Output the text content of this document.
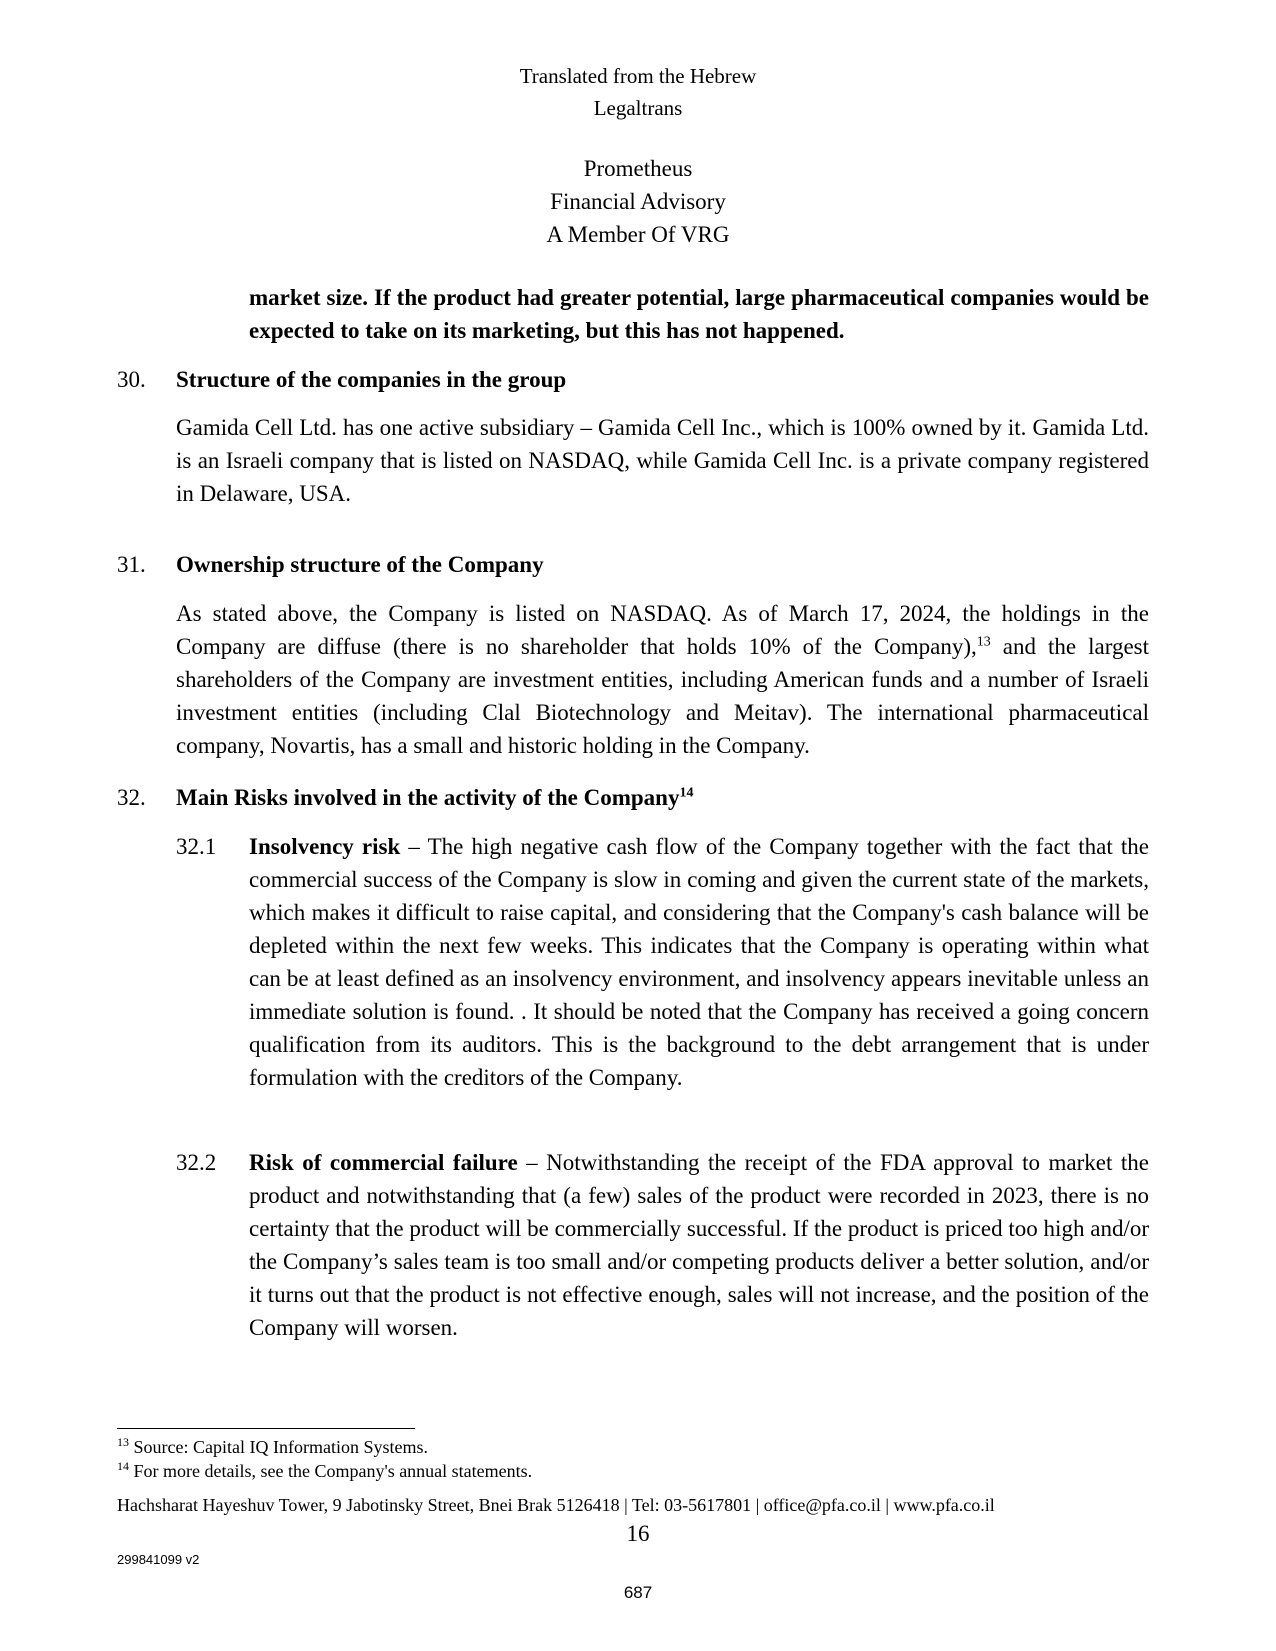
Translated from the Hebrew
Legaltrans
Prometheus
Financial Advisory
A Member Of VRG
market size. If the product had greater potential, large pharmaceutical companies would be expected to take on its marketing, but this has not happened.
30. Structure of the companies in the group
Gamida Cell Ltd. has one active subsidiary – Gamida Cell Inc., which is 100% owned by it. Gamida Ltd. is an Israeli company that is listed on NASDAQ, while Gamida Cell Inc. is a private company registered in Delaware, USA.
31. Ownership structure of the Company
As stated above, the Company is listed on NASDAQ. As of March 17, 2024, the holdings in the Company are diffuse (there is no shareholder that holds 10% of the Company),$^{13}$ and the largest shareholders of the Company are investment entities, including American funds and a number of Israeli investment entities (including Clal Biotechnology and Meitav). The international pharmaceutical company, Novartis, has a small and historic holding in the Company.
32. Main Risks involved in the activity of the Company$^{14}$
32.1 Insolvency risk – The high negative cash flow of the Company together with the fact that the commercial success of the Company is slow in coming and given the current state of the markets, which makes it difficult to raise capital, and considering that the Company's cash balance will be depleted within the next few weeks. This indicates that the Company is operating within what can be at least defined as an insolvency environment, and insolvency appears inevitable unless an immediate solution is found. . It should be noted that the Company has received a going concern qualification from its auditors. This is the background to the debt arrangement that is under formulation with the creditors of the Company.
32.2 Risk of commercial failure – Notwithstanding the receipt of the FDA approval to market the product and notwithstanding that (a few) sales of the product were recorded in 2023, there is no certainty that the product will be commercially successful. If the product is priced too high and/or the Company’s sales team is too small and/or competing products deliver a better solution, and/or it turns out that the product is not effective enough, sales will not increase, and the position of the Company will worsen.
$^{13}$ Source: Capital IQ Information Systems.
$^{14}$ For more details, see the Company's annual statements.
Hachsharat Hayeshuv Tower, 9 Jabotinsky Street, Bnei Brak 5126418 | Tel: 03-5617801 | office@pfa.co.il | www.pfa.co.il
16
299841099 v2
687
